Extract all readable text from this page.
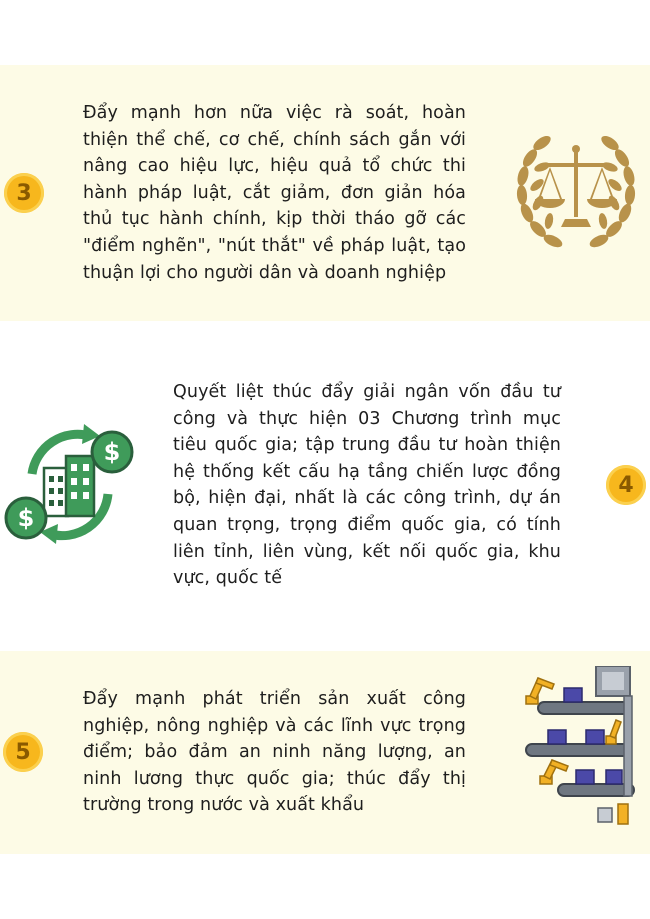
3
Đẩy mạnh hơn nữa việc rà soát, hoàn thiện thể chế, cơ chế, chính sách gắn với nâng cao hiệu lực, hiệu quả tổ chức thi hành pháp luật, cắt giảm, đơn giản hóa thủ tục hành chính, kịp thời tháo gỡ các "điểm nghẽn", "nút thắt" về pháp luật, tạo thuận lợi cho người dân và doanh nghiệp
Quyết liệt thúc đẩy giải ngân vốn đầu tư công và thực hiện 03 Chương trình mục tiêu quốc gia; tập trung đầu tư hoàn thiện hệ thống kết cấu hạ tầng chiến lược đồng bộ, hiện đại, nhất là các công trình, dự án quan trọng, trọng điểm quốc gia, có tính liên tỉnh, liên vùng, kết nối quốc gia, khu vực, quốc tế
4
$
$
5
Đẩy mạnh phát triển sản xuất công nghiệp, nông nghiệp và các lĩnh vực trọng điểm; bảo đảm an ninh năng lượng, an ninh lương thực quốc gia; thúc đẩy thị trường trong nước và xuất khẩu
